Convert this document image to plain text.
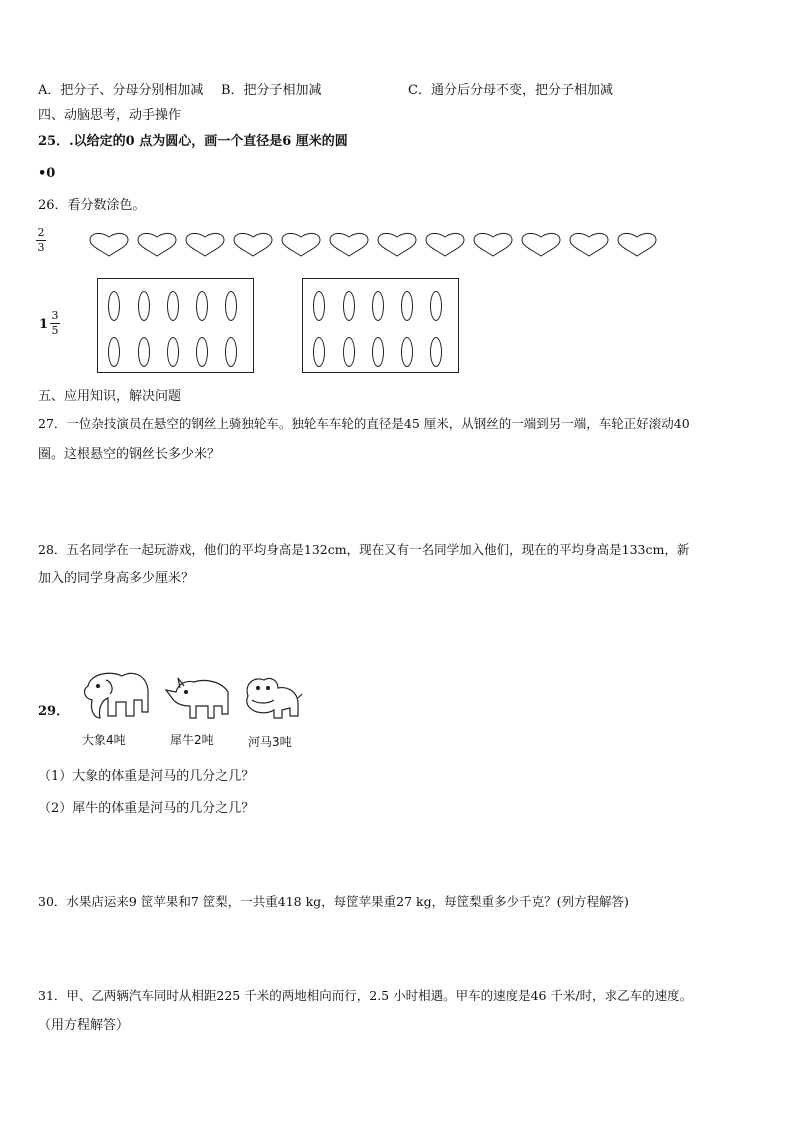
A．把分子、分母分别相加减 B．把分子相加减	C．通分后分母不变，把分子相加减
四、动脑思考，动手操作
25．.以给定的0 点为圆心，画一个直径是6 厘米的圆
•0
26．看分数涂色。
2
3
1
3
5
五、应用知识，解决问题
27．一位杂技演员在悬空的钢丝上骑独轮车。独轮车车轮的直径是45 厘米，从钢丝的一端到另一端，车轮正好滚动40
圈。这根悬空的钢丝长多少米？
28．五名同学在一起玩游戏，他们的平均身高是132cm，现在又有一名同学加入他们，现在的平均身高是133cm，新
加入的同学身高多少厘米？
29．
大象4吨	犀牛2吨	河马3吨
（1）大象的体重是河马的几分之几？
（2）犀牛的体重是河马的几分之几？
30．水果店运来9 筐苹果和7 筐梨，一共重418 kg，每筐苹果重27 kg，每筐梨重多少千克？(列方程解答)
31．甲、乙两辆汽车同时从相距225 千米的两地相向而行，2.5 小时相遇。甲车的速度是46 千米/时，求乙车的速度。
（用方程解答）
